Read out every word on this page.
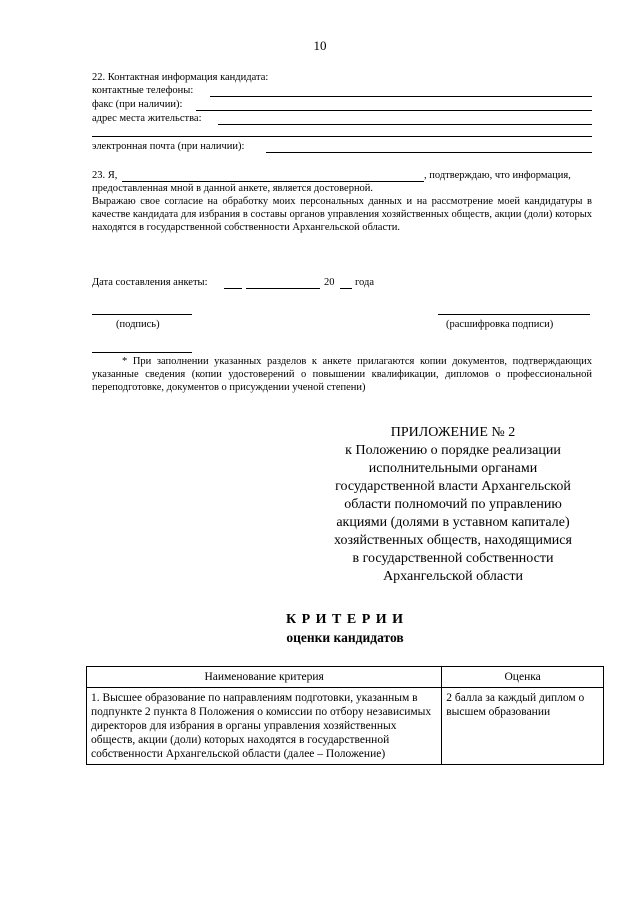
10
22. Контактная информация кандидата:
контактные телефоны:
факс (при наличии):
адрес места жительства:
электронная почта (при наличии):
23. Я,	, подтверждаю, что информация,
предоставленная мной в данной анкете, является достоверной.
Выражаю свое согласие на обработку моих персональных данных и на рассмотрение моей кандидатуры в качестве кандидата для избрания в составы органов управления хозяйственных обществ, акции (доли) которых находятся в государственной собственности Архангельской области.
Дата составления анкеты:	20 года
(подпись)	(расшифровка подписи)
* При заполнении указанных разделов к анкете прилагаются копии документов, подтверждающих указанные сведения (копии удостоверений о повышении квалификации, дипломов о профессиональной переподготовке, документов о присуждении ученой степени)
ПРИЛОЖЕНИЕ № 2
к Положению о порядке реализации
исполнительными органами
государственной власти Архангельской
области полномочий по управлению
акциями (долями в уставном капитале)
хозяйственных обществ, находящимися
в государственной собственности
Архангельской области
К Р И Т Е Р И И
оценки кандидатов
Наименование критерия	Оценка
1. Высшее образование по направлениям подготовки, указанным в подпункте 2 пункта 8 Положения о комиссии по отбору независимых директоров для избрания в органы управления хозяйственных обществ, акции (доли) которых находятся в государственной собственности Архангельской области (далее – Положение)	2 балла за каждый диплом о высшем образовании
